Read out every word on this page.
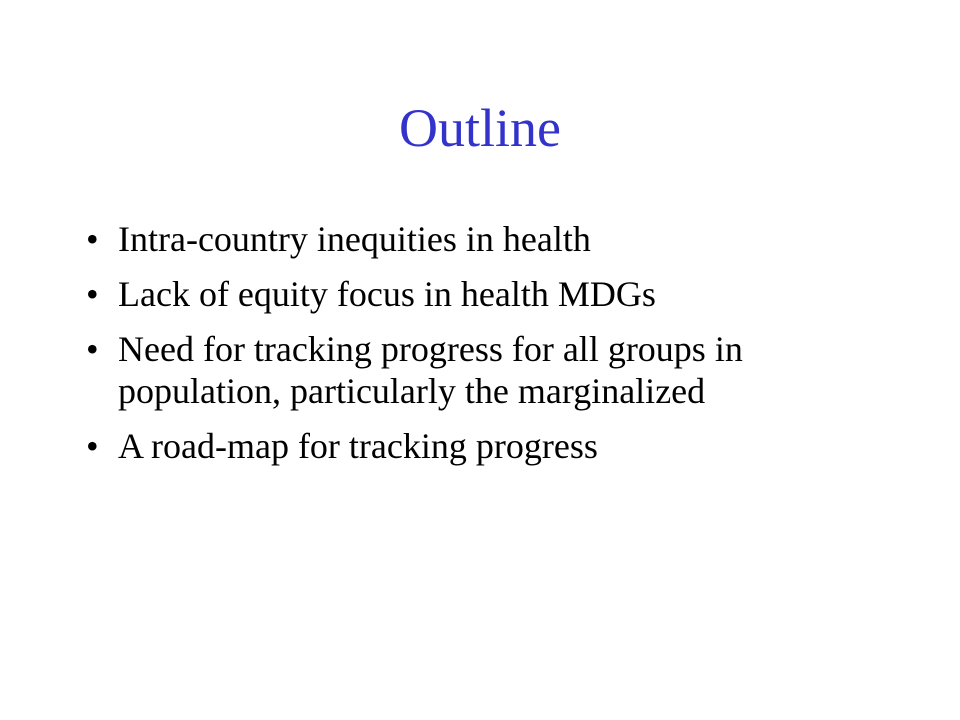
Outline
• Intra-country inequities in health
• Lack of equity focus in health MDGs
• Need for tracking progress for all groups in population, particularly the marginalized
• A road-map for tracking progress
